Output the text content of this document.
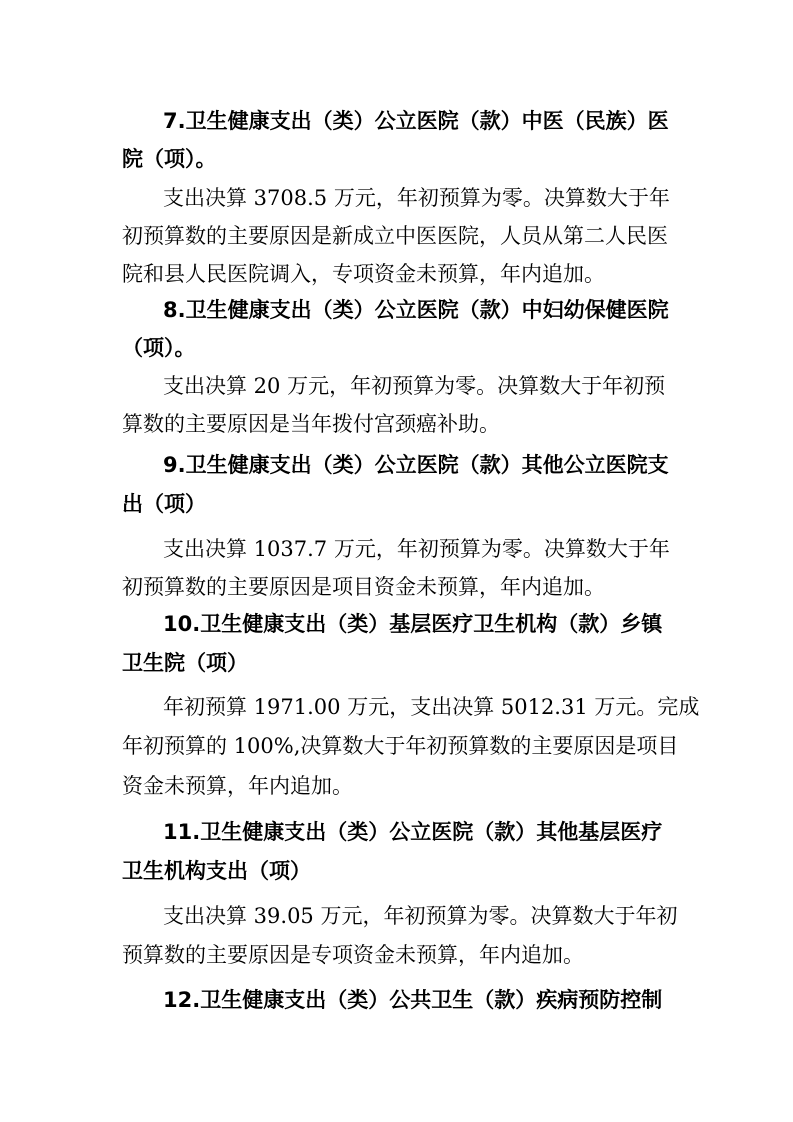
7.卫生健康支出（类）公立医院（款）中医（民族）医
院（项）。
支出决算 3708.5 万元，年初预算为零。决算数大于年
初预算数的主要原因是新成立中医医院，人员从第二人民医
院和县人民医院调入，专项资金未预算，年内追加。
8.卫生健康支出（类）公立医院（款）中妇幼保健医院
（项）。
支出决算 20 万元，年初预算为零。决算数大于年初预
算数的主要原因是当年拨付宫颈癌补助。
9.卫生健康支出（类）公立医院（款）其他公立医院支
出（项）
支出决算 1037.7 万元，年初预算为零。决算数大于年
初预算数的主要原因是项目资金未预算，年内追加。
10.卫生健康支出（类）基层医疗卫生机构（款）乡镇
卫生院（项）
年初预算 1971.00 万元，支出决算 5012.31 万元。完成
年初预算的 100%,决算数大于年初预算数的主要原因是项目
资金未预算，年内追加。
11.卫生健康支出（类）公立医院（款）其他基层医疗
卫生机构支出（项）
支出决算 39.05 万元，年初预算为零。决算数大于年初
预算数的主要原因是专项资金未预算，年内追加。
12.卫生健康支出（类）公共卫生（款）疾病预防控制
